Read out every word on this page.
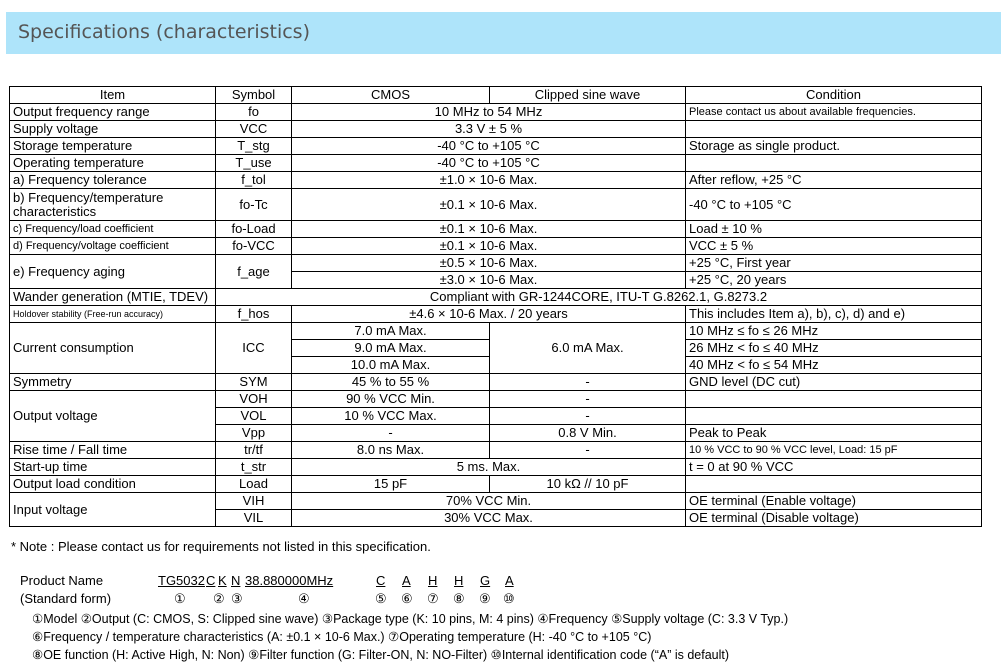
Specifications (characteristics)
Item	Symbol	CMOS	Clipped sine wave	Condition
Output frequency range	fo	10 MHz to 54 MHz		Please contact us about available frequencies.
Supply voltage	VCC	3.3 V ± 5 %		
Storage temperature	T_stg	-40 °C to +105 °C		Storage as single product.
Operating temperature	T_use	-40 °C to +105 °C		
a) Frequency tolerance	f_tol	±1.0 × 10-6 Max.		After reflow, +25 °C
b) Frequency/temperature characteristics	fo-Tc	±0.1 × 10-6 Max.		-40 °C to +105 °C
c) Frequency/load coefficient	fo-Load	±0.1 × 10-6 Max.		Load ± 10 %
d) Frequency/voltage coefficient	fo-VCC	±0.1 × 10-6 Max.		VCC ± 5 %
e) Frequency aging	f_age	±0.5 × 10-6 Max.		+25 °C, First year
		±3.0 × 10-6 Max.		+25 °C, 20 years
Wander generation (MTIE, TDEV)	Compliant with GR-1244CORE, ITU-T G.8262.1, G.8273.2			
Holdover stability (Free-run accuracy)	f_hos	±4.6 × 10-6 Max. / 20 years		This includes Item a), b), c), d) and e)
Current consumption	ICC	7.0 mA Max.	6.0 mA Max.	10 MHz ≤ fo ≤ 26 MHz
		9.0 mA Max.		26 MHz < fo ≤ 40 MHz
		10.0 mA Max.		40 MHz < fo ≤ 54 MHz
Symmetry	SYM	45 % to 55 %	-	GND level (DC cut)
Output voltage	VOH	90 % VCC Min.	-	
	VOL	10 % VCC Max.	-	
	Vpp	-	0.8 V Min.	Peak to Peak
Rise time / Fall time	tr/tf	8.0 ns Max.	-	10 % VCC to 90 % VCC level, Load: 15 pF
Start-up time	t_str	5 ms. Max.		t = 0 at 90 % VCC
Output load condition	Load	15 pF	10 kΩ // 10 pF	
Input voltage	VIH	70% VCC Min.		OE terminal (Enable voltage)
	VIL	30% VCC Max.		OE terminal (Disable voltage)
* Note : Please contact us for requirements not listed in this specification.
Product Name
(Standard form)
TG5032 C K N 38.880000MHz	C A H H G A
① ② ③	④	⑤ ⑥ ⑦ ⑧ ⑨ ⑩
①Model ②Output (C: CMOS, S: Clipped sine wave) ③Package type (K: 10 pins, M: 4 pins) ④Frequency ⑤Supply voltage (C: 3.3 V Typ.)
⑥Frequency / temperature characteristics (A: ±0.1 × 10-6 Max.) ⑦Operating temperature (H: -40 °C to +105 °C)
⑧OE function (H: Active High, N: Non) ⑨Filter function (G: Filter-ON, N: NO-Filter) ⑩Internal identification code (“A” is default)
